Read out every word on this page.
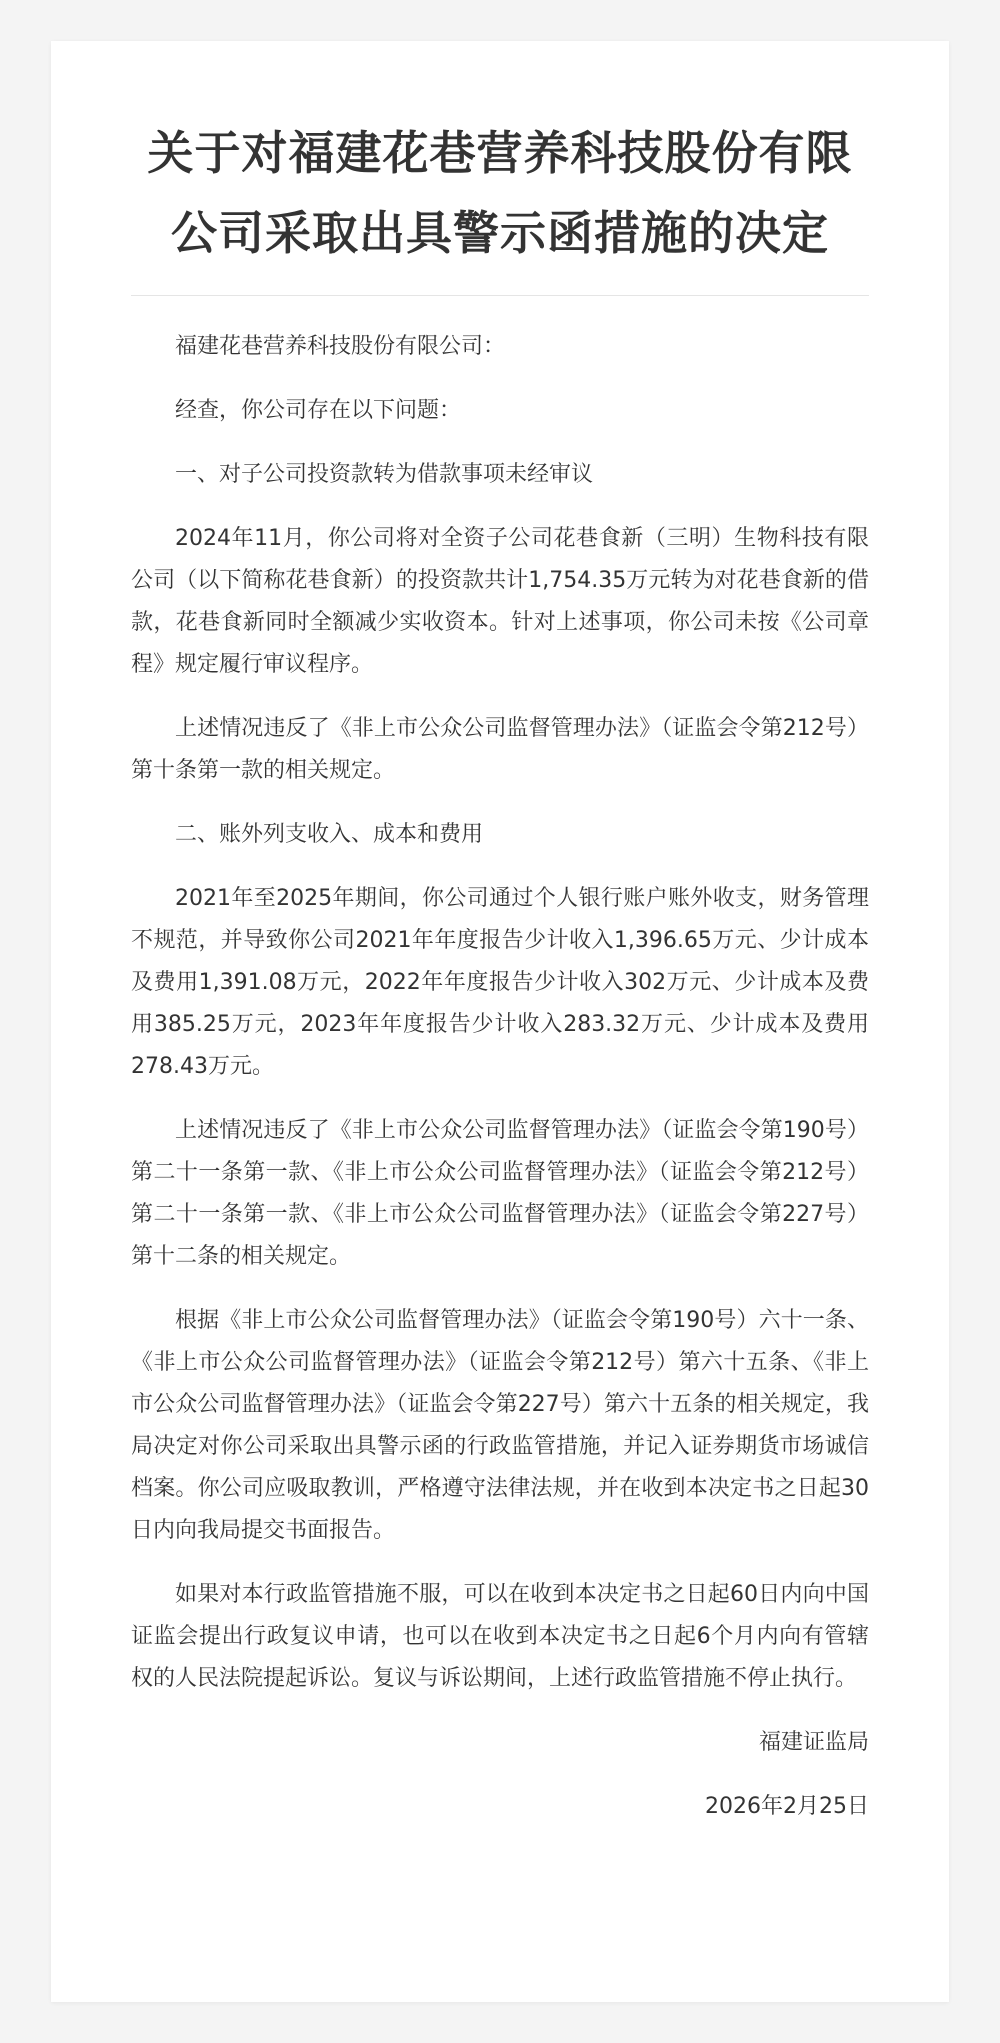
关于对福建花巷营养科技股份有限公司采取出具警示函措施的决定

福建花巷营养科技股份有限公司：

经查，你公司存在以下问题：

一、对子公司投资款转为借款事项未经审议

2024年11月，你公司将对全资子公司花巷食新（三明）生物科技有限公司（以下简称花巷食新）的投资款共计1,754.35万元转为对花巷食新的借款，花巷食新同时全额减少实收资本。针对上述事项，你公司未按《公司章程》规定履行审议程序。

上述情况违反了《非上市公众公司监督管理办法》（证监会令第212号）第十条第一款的相关规定。

二、账外列支收入、成本和费用

2021年至2025年期间，你公司通过个人银行账户账外收支，财务管理不规范，并导致你公司2021年年度报告少计收入1,396.65万元、少计成本及费用1,391.08万元，2022年年度报告少计收入302万元、少计成本及费用385.25万元，2023年年度报告少计收入283.32万元、少计成本及费用278.43万元。

上述情况违反了《非上市公众公司监督管理办法》（证监会令第190号）第二十一条第一款、《非上市公众公司监督管理办法》（证监会令第212号）第二十一条第一款、《非上市公众公司监督管理办法》（证监会令第227号）第十二条的相关规定。

根据《非上市公众公司监督管理办法》（证监会令第190号）六十一条、《非上市公众公司监督管理办法》（证监会令第212号）第六十五条、《非上市公众公司监督管理办法》（证监会令第227号）第六十五条的相关规定，我局决定对你公司采取出具警示函的行政监管措施，并记入证券期货市场诚信档案。你公司应吸取教训，严格遵守法律法规，并在收到本决定书之日起30日内向我局提交书面报告。

如果对本行政监管措施不服，可以在收到本决定书之日起60日内向中国证监会提出行政复议申请，也可以在收到本决定书之日起6个月内向有管辖权的人民法院提起诉讼。复议与诉讼期间，上述行政监管措施不停止执行。

福建证监局
2026年2月25日
